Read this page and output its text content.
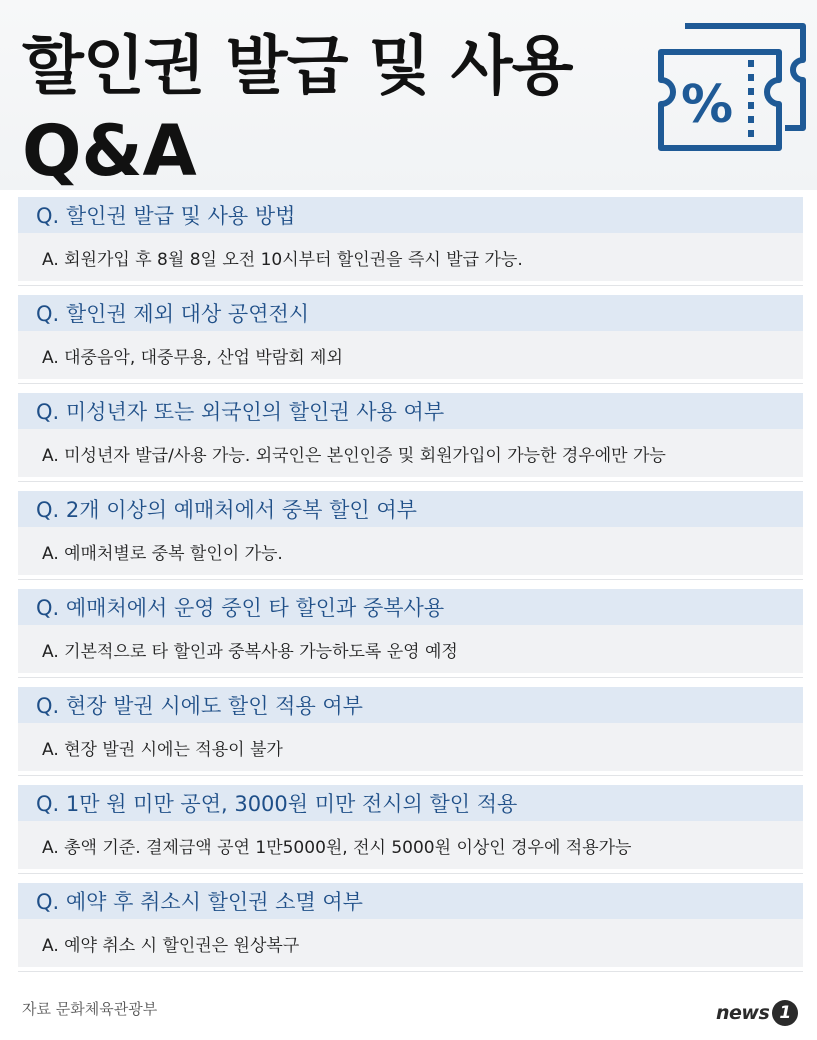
할인권 발급 및 사용
Q&A
%
Q. 할인권 발급 및 사용 방법
A. 회원가입 후 8월 8일 오전 10시부터 할인권을 즉시 발급 가능.
Q. 할인권 제외 대상 공연전시
A. 대중음악, 대중무용, 산업 박람회 제외
Q. 미성년자 또는 외국인의 할인권 사용 여부
A. 미성년자 발급/사용 가능. 외국인은 본인인증 및 회원가입이 가능한 경우에만 가능
Q. 2개 이상의 예매처에서 중복 할인 여부
A. 예매처별로 중복 할인이 가능.
Q. 예매처에서 운영 중인 타 할인과 중복사용
A. 기본적으로 타 할인과 중복사용 가능하도록 운영 예정
Q. 현장 발권 시에도 할인 적용 여부
A. 현장 발권 시에는 적용이 불가
Q. 1만 원 미만 공연, 3000원 미만 전시의 할인 적용
A. 총액 기준. 결제금액 공연 1만5000원, 전시 5000원 이상인 경우에 적용가능
Q. 예약 후 취소시 할인권 소멸 여부
A. 예약 취소 시 할인권은 원상복구
자료 문화체육관광부	news 1
